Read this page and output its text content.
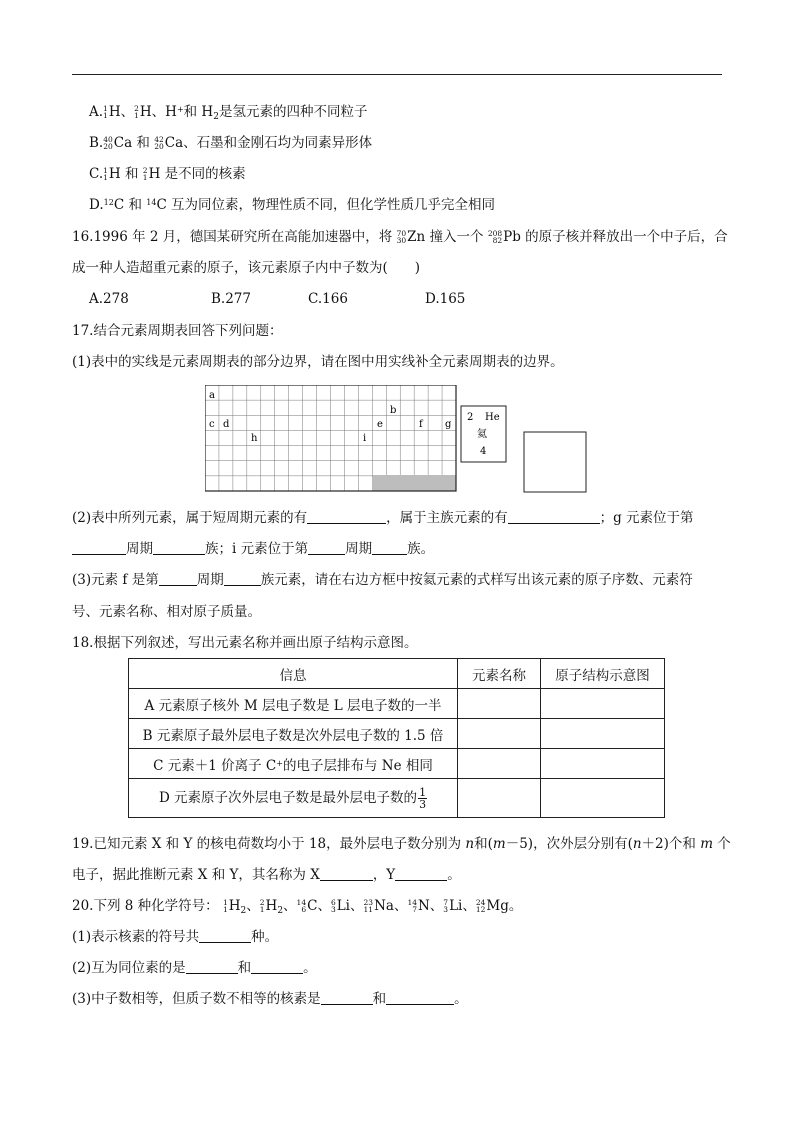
A. 1
1 H、 2
1 H、H+和 $H_2$是氢元素的四种不同粒子
B. 40
20 Ca 和 42
20 Ca、石墨和金刚石均为同素异形体
C. 1
1 H 和 2
1 H 是不同的核素
D.12C 和 14C 互为同位素，物理性质不同，但化学性质几乎完全相同
16.1996 年 2 月，德国某研究所在高能加速器中，将 70
30 Zn 撞入一个 208
82 Pb 的原子核并释放出一个中子后，合
成一种人造超重元素的原子，该元素原子内中子数为(　　)
A.278	B.277	C.166	D.165
17.结合元素周期表回答下列问题：
(1)表中的实线是元素周期表的部分边界，请在图中用实线补全元素周期表的边界。
a
b
c d	e	f g
h	i
2 He
氦
4
(2)表中所列元素，属于短周期元素的有	，属于主族元素的有	；g 元素位于第
周期	族；i 元素位于第	周期	族。
(3)元素 f 是第	周期	族元素，请在右边方框中按氦元素的式样写出该元素的原子序数、元素符
号、元素名称、相对原子质量。
18.根据下列叙述，写出元素名称并画出原子结构示意图。
信息	元素名称	原子结构示意图
A 元素原子核外 M 层电子数是 L 层电子数的一半		
B 元素原子最外层电子数是次外层电子数的 1.5 倍		
C 元素＋1 价离子 C+的电子层排布与 Ne 相同		
D 元素原子次外层电子数是最外层电子数的 $\frac{1}{3}$

19.已知元素 X 和 Y 的核电荷数均小于 18，最外层电子数分别为 n和(m－5)，次外层分别有(n＋2)个和 m 个
电子，据此推断元素 X 和 Y，其名称为 X	，Y	。
20.下列 8 种化学符号： 1
1 $H_2$、 2
1 $H_2$、 14
6 C、 6
3 Li、 23
11 Na、 14
7 N、 7
3 Li、 24
12 Mg。
(1)表示核素的符号共	种。
(2)互为同位素的是	和	。
(3)中子数相等，但质子数不相等的核素是	和	。
